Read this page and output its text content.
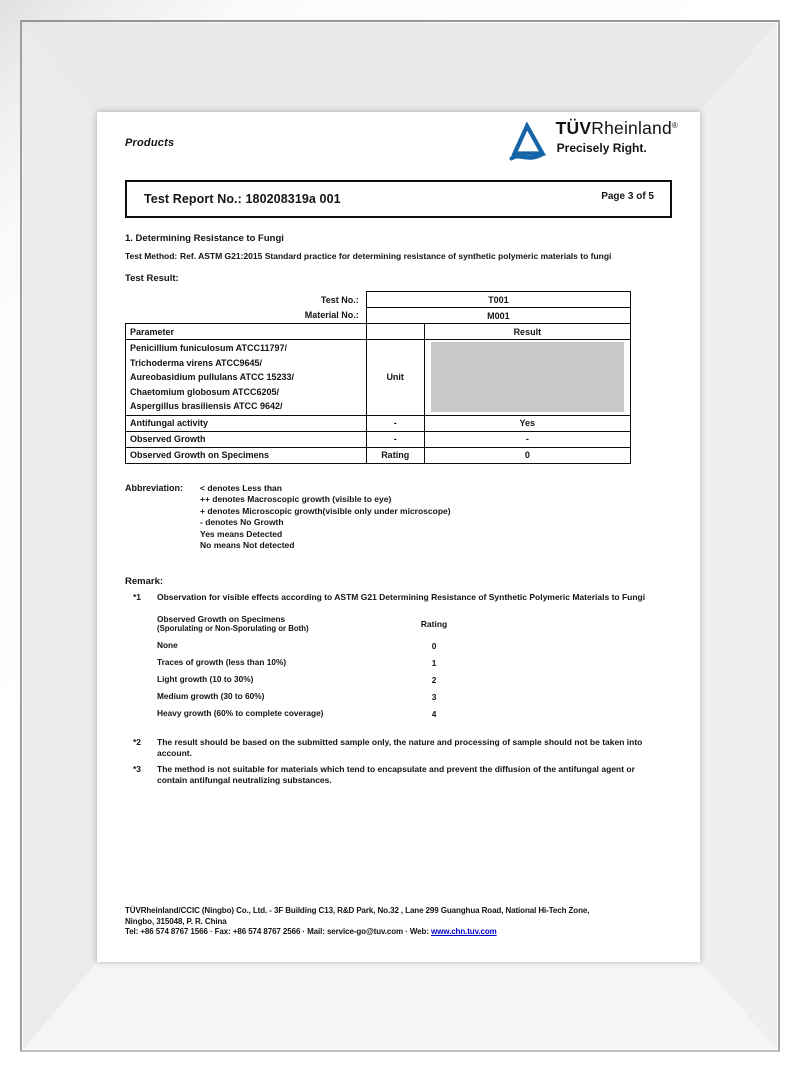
Products
TÜVRheinland®
Precisely Right.
Test Report No.: 180208319a 001	Page 3 of 5
1. Determining Resistance to Fungi
Test Method: Ref. ASTM G21:2015 Standard practice for determining resistance of synthetic polymeric materials to fungi
Test Result:
Test No.:	T001	
Material No.:	M001	
Parameter		Result

Penicillium funiculosum ATCC11797/
Trichoderma virens ATCC9645/
Aureobasidium pullulans ATCC 15233/
Chaetomium globosum ATCC6205/
Aspergillus brasiliensis ATCC 9642/	Unit	

Antifungal activity	-	Yes
Observed Growth	-	-
Observed Growth on Specimens	Rating	0
Abbreviation:	< denotes Less than
++ denotes Macroscopic growth (visible to eye)
+ denotes Microscopic growth(visible only under microscope)
- denotes No Growth
Yes means Detected
No means Not detected
Remark:
*1	Observation for visible effects according to ASTM G21 Determining Resistance of Synthetic Polymeric Materials to Fungi
Observed Growth on Specimens
(Sporulating or Non-Sporulating or Both)	Rating
None	0
Traces of growth (less than 10%)	1
Light growth (10 to 30%)	2
Medium growth (30 to 60%)	3
Heavy growth (60% to complete coverage)	4
*2	The result should be based on the submitted sample only, the nature and processing of sample should not be taken into account.
*3	The method is not suitable for materials which tend to encapsulate and prevent the diffusion of the antifungal agent or contain antifungal neutralizing substances.
TÜVRheinland/CCIC (Ningbo) Co., Ltd. - 3F Building C13, R&D Park, No.32 , Lane 299 Guanghua Road, National Hi-Tech Zone,
Ningbo, 315048, P. R. China
Tel: +86 574 8767 1566 · Fax: +86 574 8767 2566 · Mail: service-go@tuv.com · Web: www.chn.tuv.com
